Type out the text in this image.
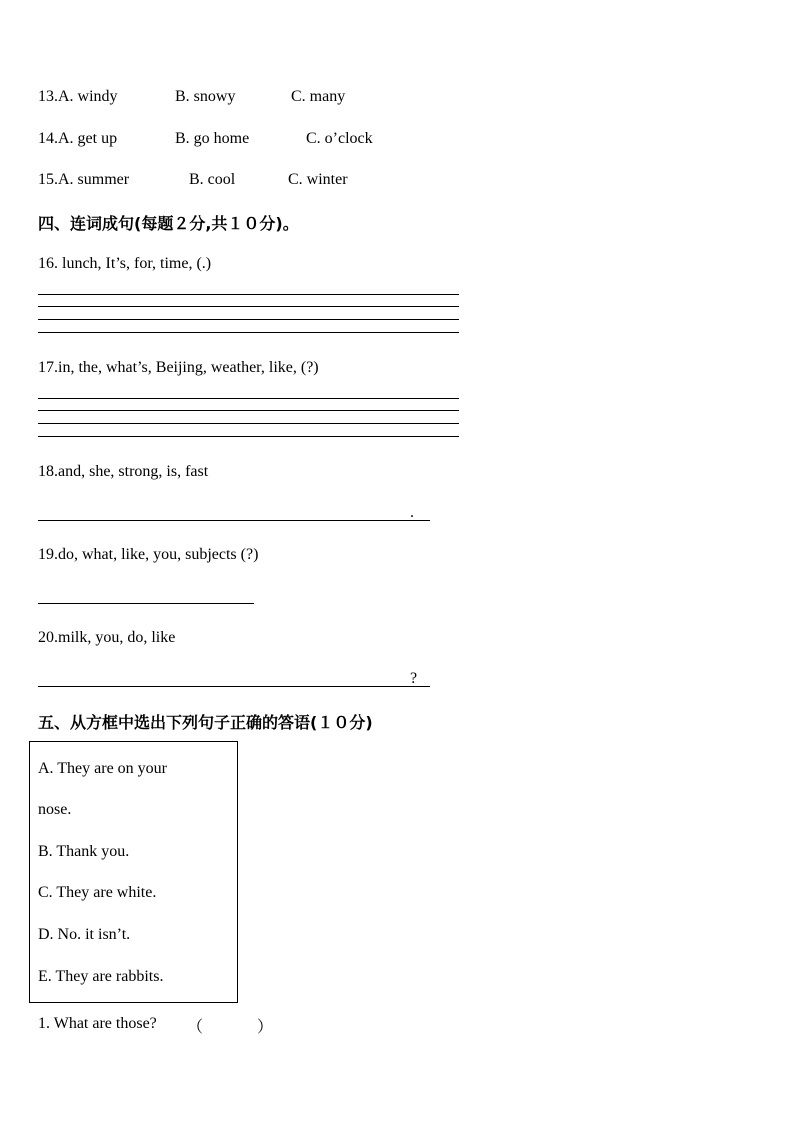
13.A. windy	B. snowy	C. many
14.A. get up	B. go home	C. o’clock
15.A. summer	B. cool	C. winter
四、连词成句(每题２分,共１０分)。
16. lunch, It’s, for, time, (.)
17.in, the, what’s, Beijing, weather, like, (?)
18.and, she, strong, is, fast
.
19.do, what, like, you, subjects (?)
20.milk, you, do, like
?
五、从方框中选出下列句子正确的答语(１０分)
A. They are on your
nose.
B. Thank you.
C. They are white.
D. No. it isn’t.
E. They are rabbits.
1. What are those? （	）
